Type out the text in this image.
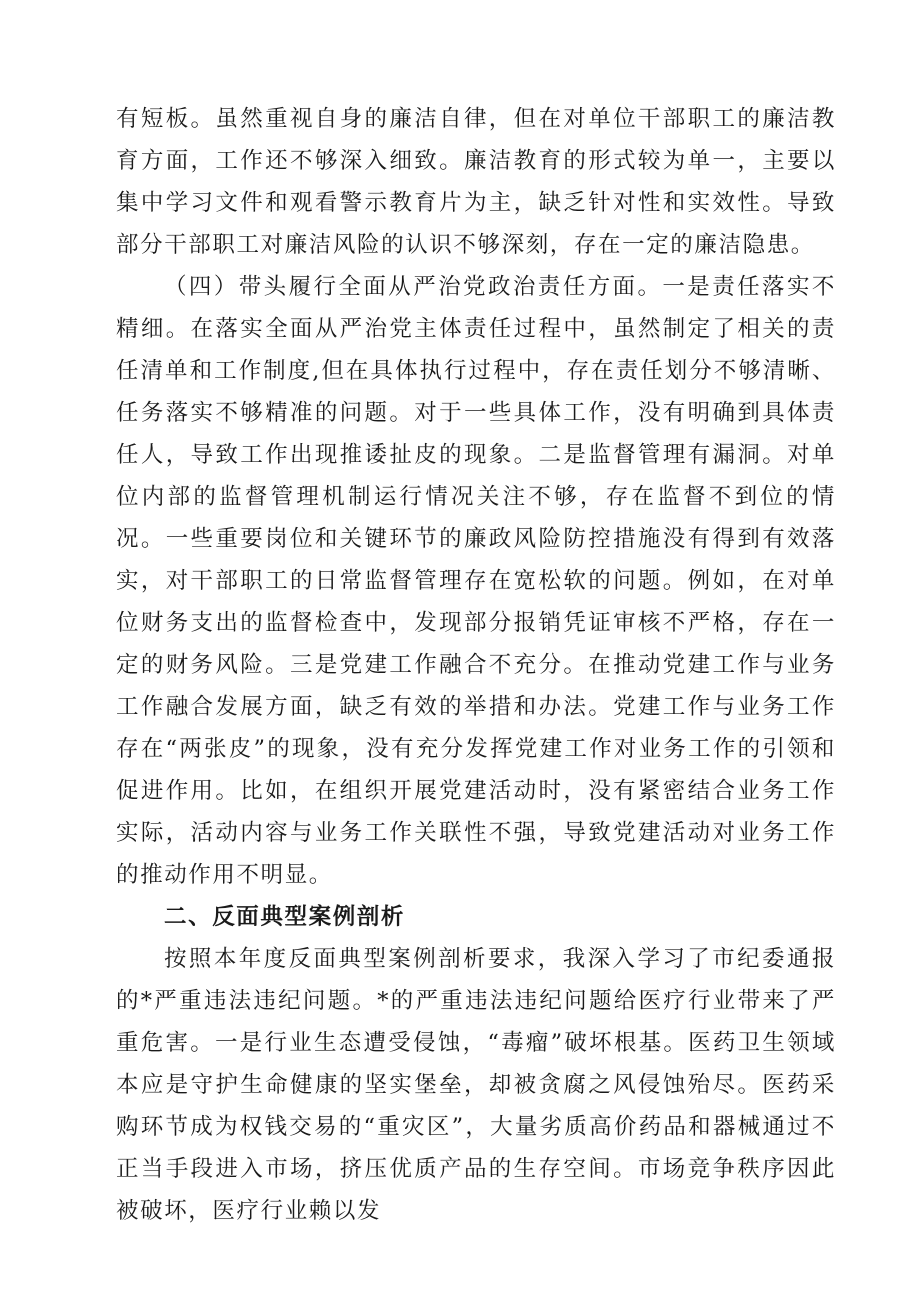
有短板。虽然重视自身的廉洁自律，但在对单位干部职工的廉洁教育方面，工作还不够深入细致。廉洁教育的形式较为单一，主要以集中学习文件和观看警示教育片为主，缺乏针对性和实效性。导致部分干部职工对廉洁风险的认识不够深刻，存在一定的廉洁隐患。

（四）带头履行全面从严治党政治责任方面。一是责任落实不精细。在落实全面从严治党主体责任过程中，虽然制定了相关的责任清单和工作制度,但在具体执行过程中，存在责任划分不够清晰、任务落实不够精准的问题。对于一些具体工作，没有明确到具体责任人，导致工作出现推诿扯皮的现象。二是监督管理有漏洞。对单位内部的监督管理机制运行情况关注不够，存在监督不到位的情况。一些重要岗位和关键环节的廉政风险防控措施没有得到有效落实，对干部职工的日常监督管理存在宽松软的问题。例如，在对单位财务支出的监督检查中，发现部分报销凭证审核不严格，存在一定的财务风险。三是党建工作融合不充分。在推动党建工作与业务工作融合发展方面，缺乏有效的举措和办法。党建工作与业务工作存在“两张皮”的现象，没有充分发挥党建工作对业务工作的引领和促进作用。比如，在组织开展党建活动时，没有紧密结合业务工作实际，活动内容与业务工作关联性不强，导致党建活动对业务工作的推动作用不明显。

二、反面典型案例剖析

按照本年度反面典型案例剖析要求，我深入学习了市纪委通报的*严重违法违纪问题。*的严重违法违纪问题给医疗行业带来了严重危害。一是行业生态遭受侵蚀，“毒瘤”破坏根基。医药卫生领域本应是守护生命健康的坚实堡垒，却被贪腐之风侵蚀殆尽。医药采购环节成为权钱交易的“重灾区”，大量劣质高价药品和器械通过不正当手段进入市场，挤压优质产品的生存空间。市场竞争秩序因此被破坏，医疗行业赖以发
